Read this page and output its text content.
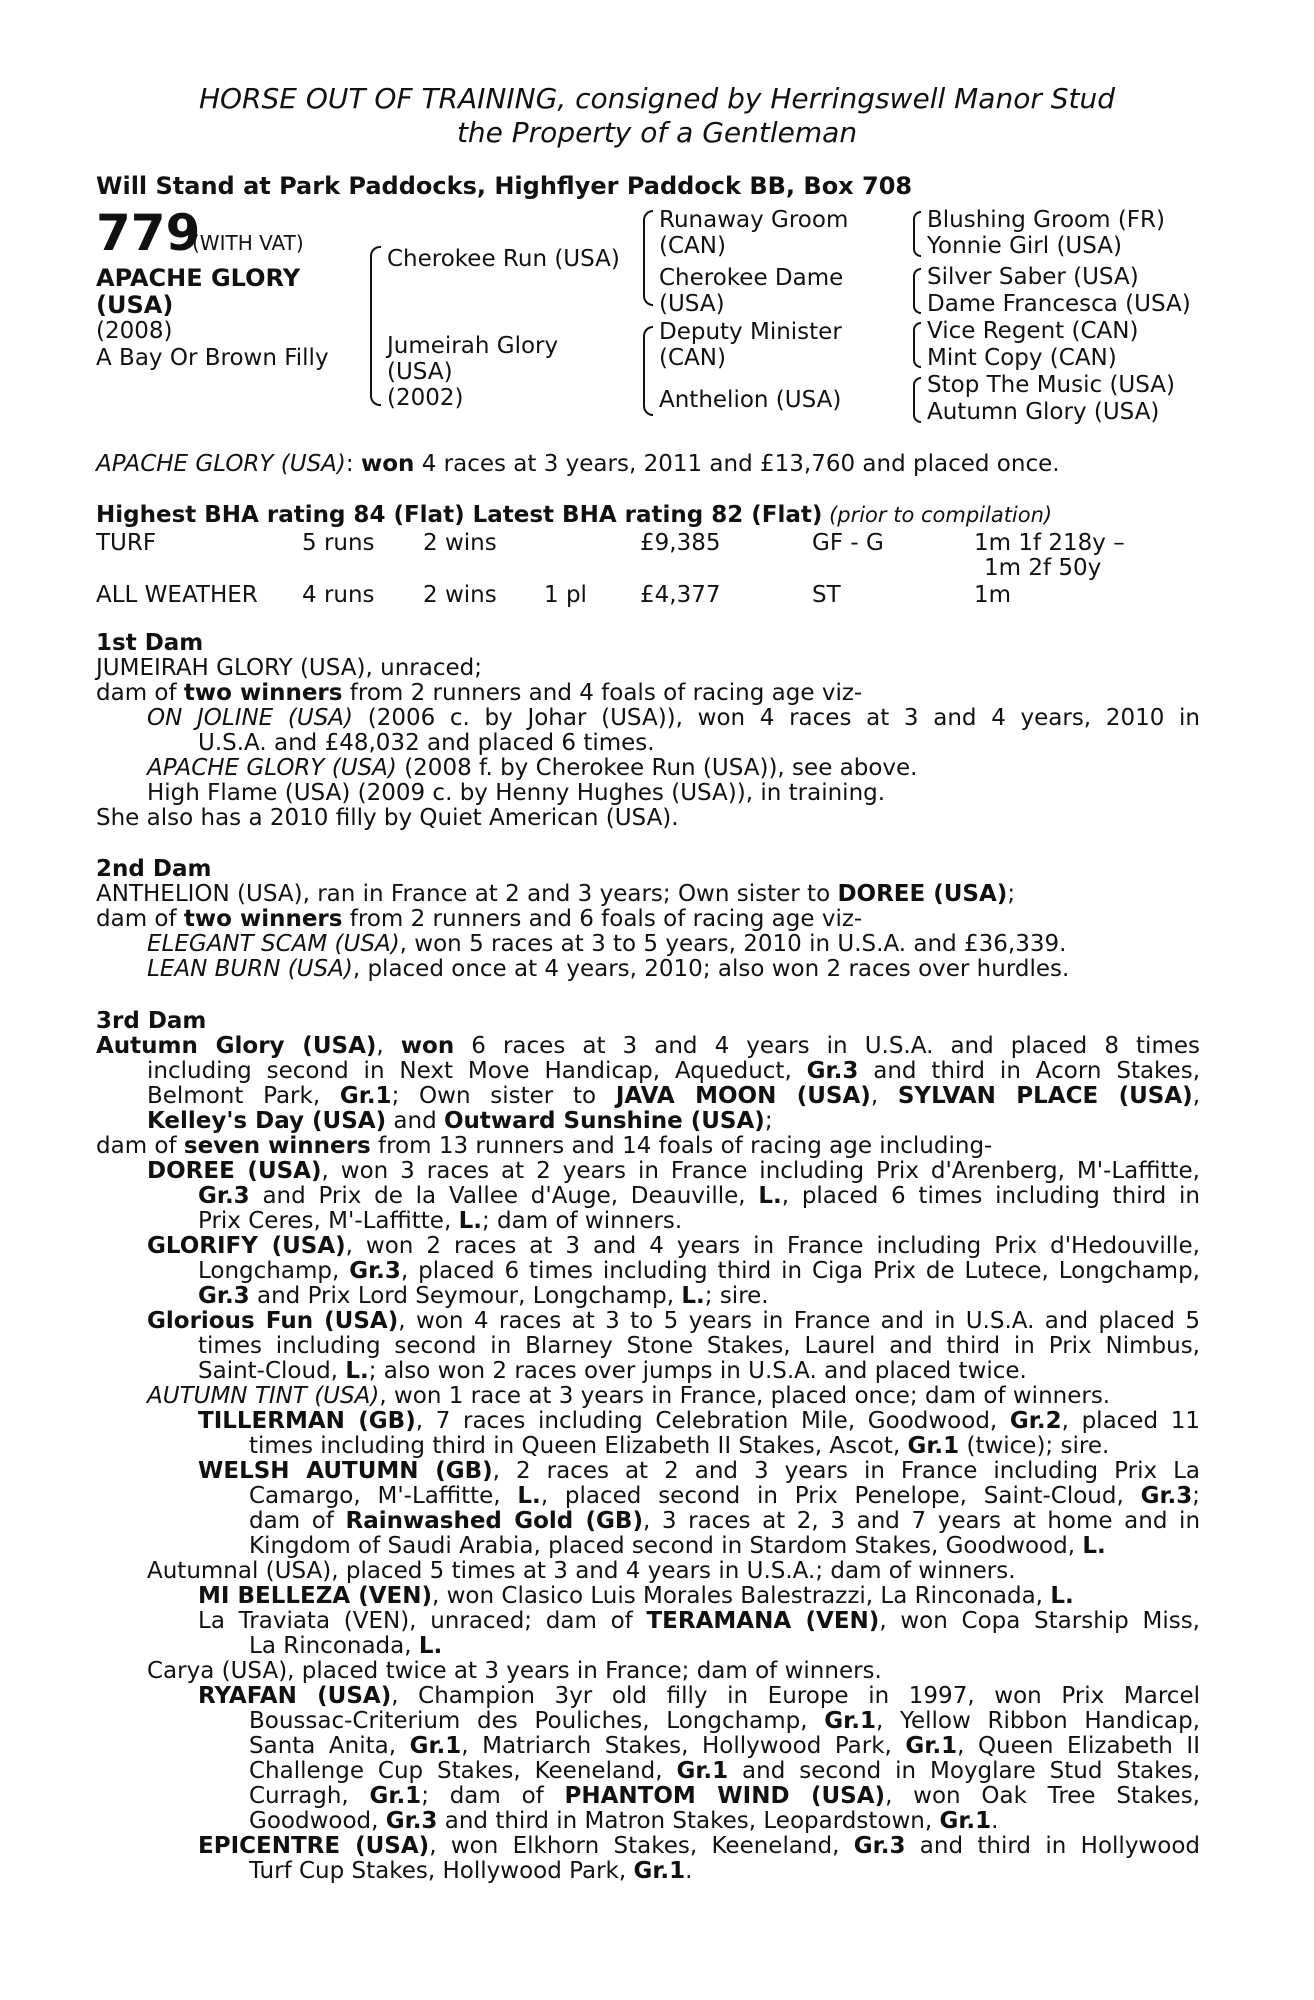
HORSE OUT OF TRAINING, consigned by Herringswell Manor Stud
the Property of a Gentleman
Will Stand at Park Paddocks, Highflyer Paddock BB, Box 708
779
(WITH VAT)
APACHE GLORY
(USA)
(2008)
A Bay Or Brown Filly
Cherokee Run (USA)
Jumeirah Glory
(USA)
(2002)
Runaway Groom
(CAN)
Cherokee Dame
(USA)
Deputy Minister
(CAN)
Anthelion (USA)
Blushing Groom (FR)
Yonnie Girl (USA)
Silver Saber (USA)
Dame Francesca (USA)
Vice Regent (CAN)
Mint Copy (CAN)
Stop The Music (USA)
Autumn Glory (USA)
APACHE GLORY (USA): won 4 races at 3 years, 2011 and £13,760 and placed once.
Highest BHA rating 84 (Flat) Latest BHA rating 82 (Flat) (prior to compilation)
TURF	5 runs 2 wins	£9,385	GF - G	1m 1f 218y –
1m 2f 50y
ALL WEATHER 4 runs 2 wins 1 pl £4,377	ST	1m
1st Dam
JUMEIRAH GLORY (USA), unraced;
dam of two winners from 2 runners and 4 foals of racing age viz-
ON JOLINE (USA) (2006 c. by Johar (USA)), won 4 races at 3 and 4 years, 2010 in
U.S.A. and £48,032 and placed 6 times.
APACHE GLORY (USA) (2008 f. by Cherokee Run (USA)), see above.
High Flame (USA) (2009 c. by Henny Hughes (USA)), in training.
She also has a 2010 filly by Quiet American (USA).
2nd Dam
ANTHELION (USA), ran in France at 2 and 3 years; Own sister to DOREE (USA);
dam of two winners from 2 runners and 6 foals of racing age viz-
ELEGANT SCAM (USA), won 5 races at 3 to 5 years, 2010 in U.S.A. and £36,339.
LEAN BURN (USA), placed once at 4 years, 2010; also won 2 races over hurdles.
3rd Dam
Autumn Glory (USA), won 6 races at 3 and 4 years in U.S.A. and placed 8 times
including second in Next Move Handicap, Aqueduct, Gr.3 and third in Acorn Stakes,
Belmont Park, Gr.1; Own sister to JAVA MOON (USA), SYLVAN PLACE (USA),
Kelley's Day (USA) and Outward Sunshine (USA);
dam of seven winners from 13 runners and 14 foals of racing age including-
DOREE (USA), won 3 races at 2 years in France including Prix d'Arenberg, M'-Laffitte,
Gr.3 and Prix de la Vallee d'Auge, Deauville, L., placed 6 times including third in
Prix Ceres, M'-Laffitte, L.; dam of winners.
GLORIFY (USA), won 2 races at 3 and 4 years in France including Prix d'Hedouville,
Longchamp, Gr.3, placed 6 times including third in Ciga Prix de Lutece, Longchamp,
Gr.3 and Prix Lord Seymour, Longchamp, L.; sire.
Glorious Fun (USA), won 4 races at 3 to 5 years in France and in U.S.A. and placed 5
times including second in Blarney Stone Stakes, Laurel and third in Prix Nimbus,
Saint-Cloud, L.; also won 2 races over jumps in U.S.A. and placed twice.
AUTUMN TINT (USA), won 1 race at 3 years in France, placed once; dam of winners.
TILLERMAN (GB), 7 races including Celebration Mile, Goodwood, Gr.2, placed 11
times including third in Queen Elizabeth II Stakes, Ascot, Gr.1 (twice); sire.
WELSH AUTUMN (GB), 2 races at 2 and 3 years in France including Prix La
Camargo, M'-Laffitte, L., placed second in Prix Penelope, Saint-Cloud, Gr.3;
dam of Rainwashed Gold (GB), 3 races at 2, 3 and 7 years at home and in
Kingdom of Saudi Arabia, placed second in Stardom Stakes, Goodwood, L.
Autumnal (USA), placed 5 times at 3 and 4 years in U.S.A.; dam of winners.
MI BELLEZA (VEN), won Clasico Luis Morales Balestrazzi, La Rinconada, L.
La Traviata (VEN), unraced; dam of TERAMANA (VEN), won Copa Starship Miss,
La Rinconada, L.
Carya (USA), placed twice at 3 years in France; dam of winners.
RYAFAN (USA), Champion 3yr old filly in Europe in 1997, won Prix Marcel
Boussac-Criterium des Pouliches, Longchamp, Gr.1, Yellow Ribbon Handicap,
Santa Anita, Gr.1, Matriarch Stakes, Hollywood Park, Gr.1, Queen Elizabeth II
Challenge Cup Stakes, Keeneland, Gr.1 and second in Moyglare Stud Stakes,
Curragh, Gr.1; dam of PHANTOM WIND (USA), won Oak Tree Stakes,
Goodwood, Gr.3 and third in Matron Stakes, Leopardstown, Gr.1.
EPICENTRE (USA), won Elkhorn Stakes, Keeneland, Gr.3 and third in Hollywood
Turf Cup Stakes, Hollywood Park, Gr.1.
